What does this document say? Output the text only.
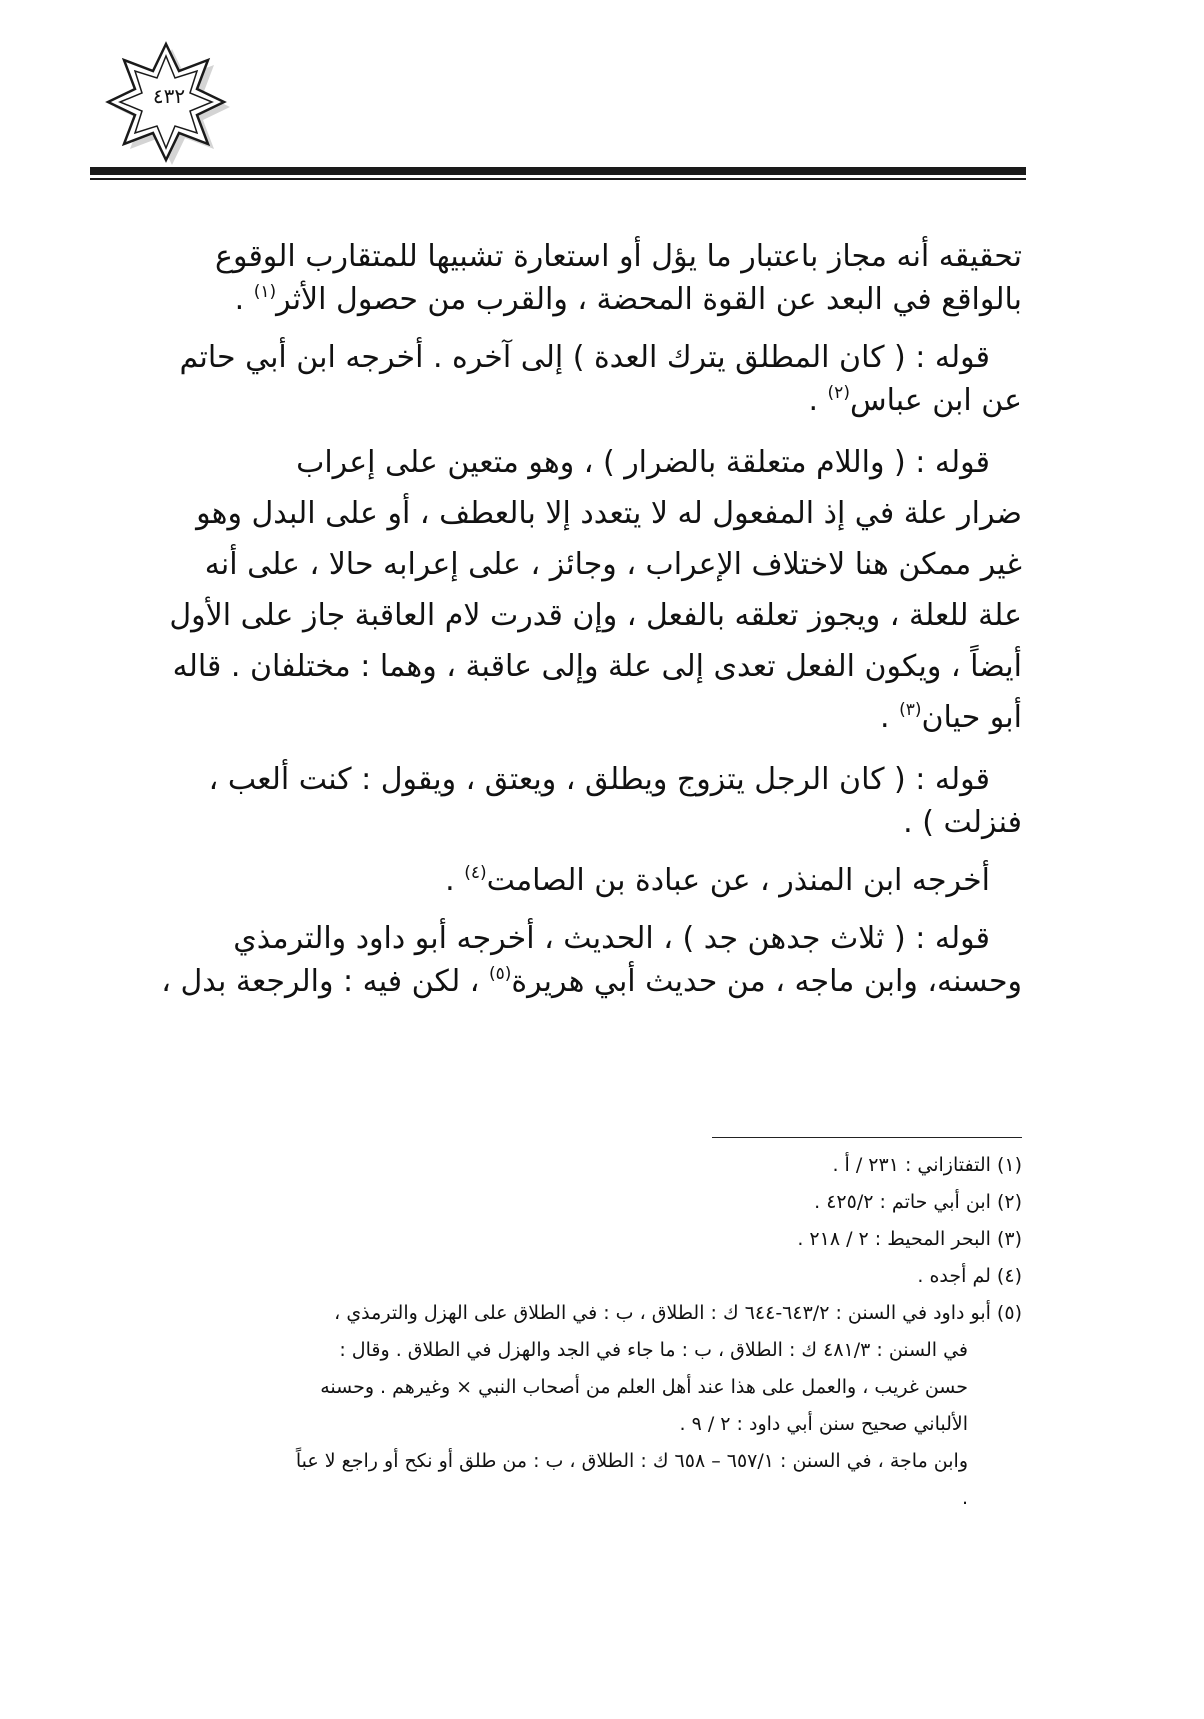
٤٣٢

تحقيقه أنه مجاز باعتبار ما يؤل أو استعارة تشبيها للمتقارب الوقوع
بالواقع في البعد عن القوة المحضة ، والقرب من حصول الأثر$^{(١)}$ .

قوله : ( كان المطلق يترك العدة ) إلى آخره . أخرجه ابن أبي حاتم
عن ابن عباس$^{(٢)}$ .

قوله : ( واللام متعلقة بالضرار ) ، وهو متعين على إعراب
ضرار علة في إذ المفعول له لا يتعدد إلا بالعطف ، أو على البدل وهو
غير ممكن هنا لاختلاف الإعراب ، وجائز ، على إعرابه حالا ، على أنه
علة للعلة ، ويجوز تعلقه بالفعل ، وإن قدرت لام العاقبة جاز على الأول
أيضاً ، ويكون الفعل تعدى إلى علة وإلى عاقبة ، وهما : مختلفان . قاله
أبو حيان$^{(٣)}$ .

قوله : ( كان الرجل يتزوج ويطلق ، ويعتق ، ويقول : كنت ألعب ،
فنزلت ) .

أخرجه ابن المنذر ، عن عبادة بن الصامت$^{(٤)}$ .

قوله : ( ثلاث جدهن جد ) ، الحديث ، أخرجه أبو داود والترمذي
وحسنه، وابن ماجه ، من حديث أبي هريرة$^{(٥)}$ ، لكن فيه : والرجعة بدل ،

(١) التفتازاني : ٢٣١ / أ .

(٢) ابن أبي حاتم : ٤٢٥/٢ .

(٣) البحر المحيط : ٢ / ٢١٨ .

(٤) لم أجده .

(٥) أبو داود في السنن : ٦٤٣/٢-٦٤٤ ك : الطلاق ، ب : في الطلاق على الهزل والترمذي ،

في السنن : ٤٨١/٣ ك : الطلاق ، ب : ما جاء في الجد والهزل في الطلاق . وقال :

حسن غريب ، والعمل على هذا عند أهل العلم من أصحاب النبي × وغيرهم . وحسنه

الألباني صحيح سنن أبي داود : ٢ / ٩ .

وابن ماجة ، في السنن : ٦٥٧/١ – ٦٥٨ ك : الطلاق ، ب : من طلق أو نكح أو راجع لا عباً

.
